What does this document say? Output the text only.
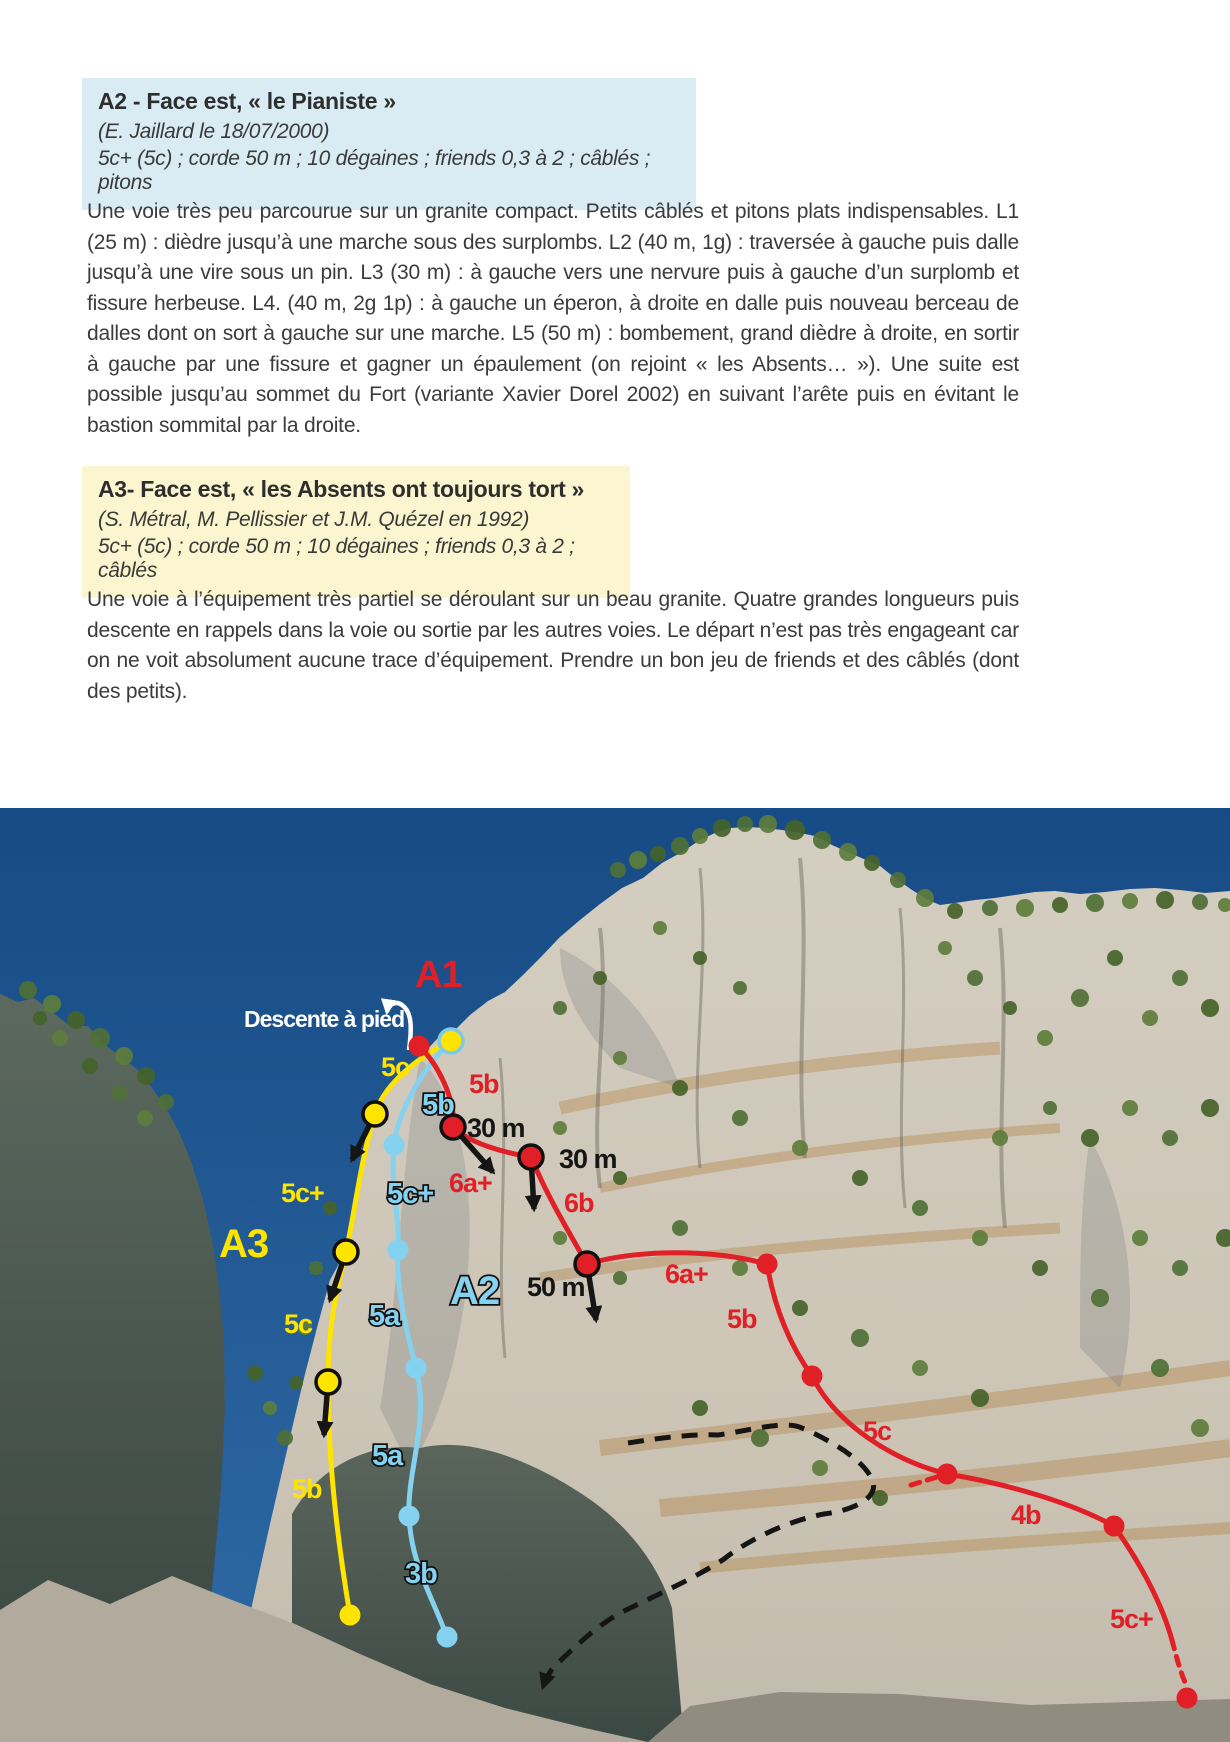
A2 - Face est, « le Pianiste »

(E. Jaillard le 18/07/2000)

5c+ (5c) ; corde 50 m ; 10 dégaines ; friends 0,3 à 2 ; câblés ; pitons

Une voie très peu parcourue sur un granite compact. Petits câblés et pitons plats indispensables. L1 (25 m) : dièdre jusqu’à une marche sous des surplombs. L2 (40 m, 1g) : traversée à gauche puis dalle jusqu’à une vire sous un pin. L3 (30 m) : à gauche vers une nervure puis à gauche d’un surplomb et fissure herbeuse. L4. (40 m, 2g 1p) : à gauche un éperon, à droite en dalle puis nouveau berceau de dalles dont on sort à gauche sur une marche. L5 (50 m) : bombement, grand dièdre à droite, en sortir à gauche par une fissure et gagner un épaulement (on rejoint « les Absents… »). Une suite est possible jusqu’au sommet du Fort (variante Xavier Dorel 2002) en suivant l’arête puis en évitant le bastion sommital par la droite.

A3- Face est, « les Absents ont toujours tort »

(S. Métral, M. Pellissier et J.M. Quézel en 1992)

5c+ (5c) ; corde 50 m ; 10 dégaines ; friends 0,3 à 2 ; câblés

Une voie à l’équipement très partiel se déroulant sur un beau granite. Quatre grandes longueurs puis descente en rappels dans la voie ou sortie par les autres voies. Le départ n’est pas très engageant car on ne voit absolument aucune trace d’équipement. Prendre un bon jeu de friends et des câblés (dont des petits).

A1
Descente à pied
5c
5b
5b
30 m
30 m
6a+
6b
5c+ 5c+
A3
A2 50 m	6a+
5a
5c	5b
5a
5c
5b
4b
3b
5c+
